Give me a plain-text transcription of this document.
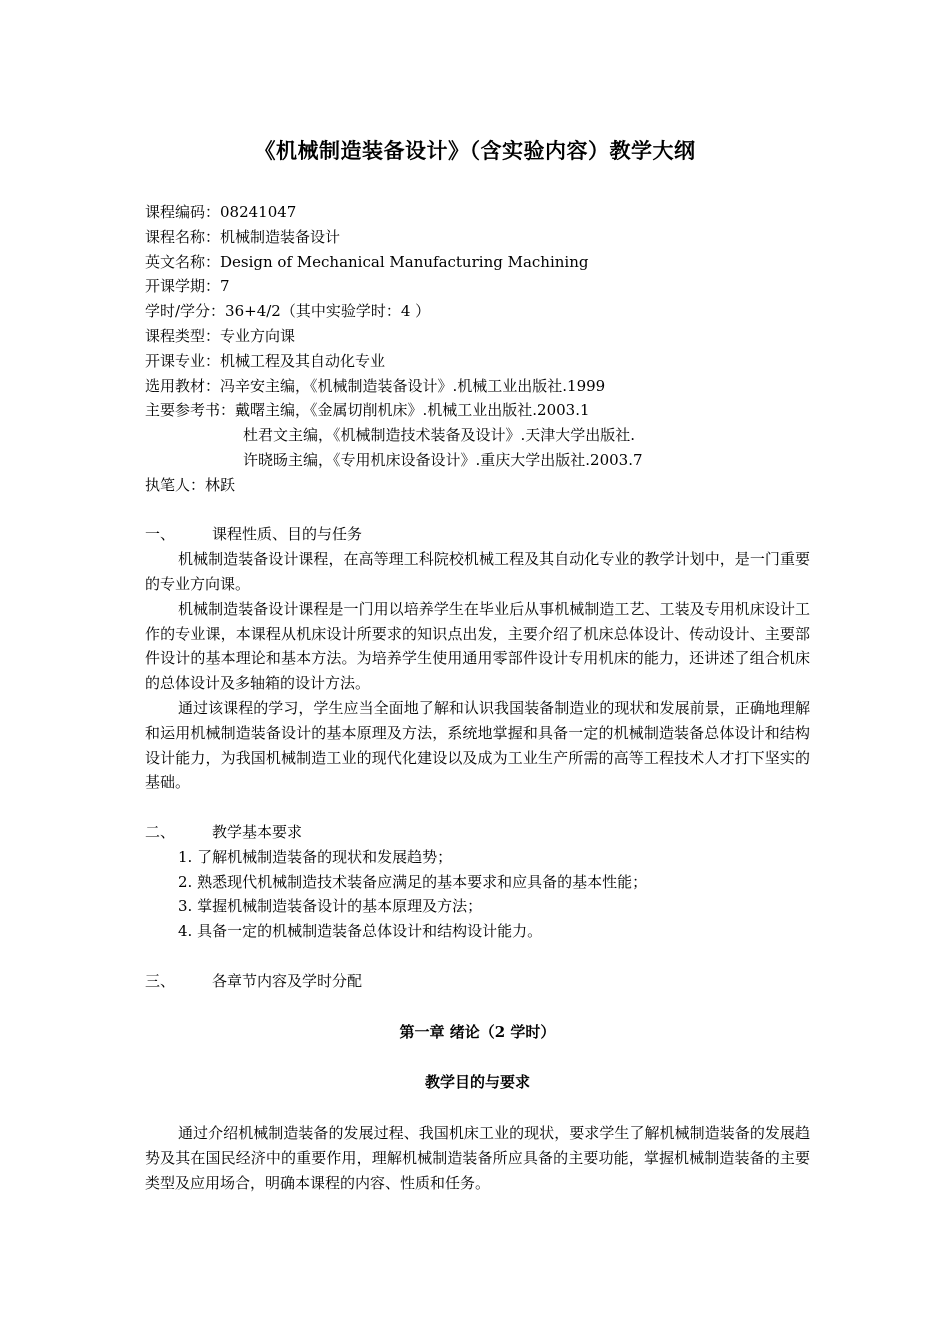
《机械制造装备设计》（含实验内容）教学大纲
课程编码：08241047
课程名称：机械制造装备设计
英文名称：Design of Mechanical Manufacturing Machining
开课学期：7
学时/学分：36+4/2（其中实验学时：4 ）
课程类型：专业方向课
开课专业：机械工程及其自动化专业
选用教材：冯辛安主编，《机械制造装备设计》.机械工业出版社.1999
主要参考书：戴曙主编，《金属切削机床》.机械工业出版社.2003.1
杜君文主编，《机械制造技术装备及设计》.天津大学出版社.
许晓旸主编，《专用机床设备设计》.重庆大学出版社.2003.7
执笔人：林跃
一、 课程性质、目的与任务
机械制造装备设计课程，在高等理工科院校机械工程及其自动化专业的教学计划中，是一门重要的专业方向课。
机械制造装备设计课程是一门用以培养学生在毕业后从事机械制造工艺、工装及专用机床设计工作的专业课，本课程从机床设计所要求的知识点出发，主要介绍了机床总体设计、传动设计、主要部件设计的基本理论和基本方法。为培养学生使用通用零部件设计专用机床的能力，还讲述了组合机床的总体设计及多轴箱的设计方法。
通过该课程的学习，学生应当全面地了解和认识我国装备制造业的现状和发展前景，正确地理解和运用机械制造装备设计的基本原理及方法，系统地掌握和具备一定的机械制造装备总体设计和结构设计能力，为我国机械制造工业的现代化建设以及成为工业生产所需的高等工程技术人才打下坚实的基础。
二、 教学基本要求
1. 了解机械制造装备的现状和发展趋势；
2. 熟悉现代机械制造技术装备应满足的基本要求和应具备的基本性能；
3. 掌握机械制造装备设计的基本原理及方法；
4. 具备一定的机械制造装备总体设计和结构设计能力。
三、 各章节内容及学时分配
第一章 绪论（2 学时）
教学目的与要求
通过介绍机械制造装备的发展过程、我国机床工业的现状，要求学生了解机械制造装备的发展趋势及其在国民经济中的重要作用，理解机械制造装备所应具备的主要功能，掌握机械制造装备的主要类型及应用场合，明确本课程的内容、性质和任务。
